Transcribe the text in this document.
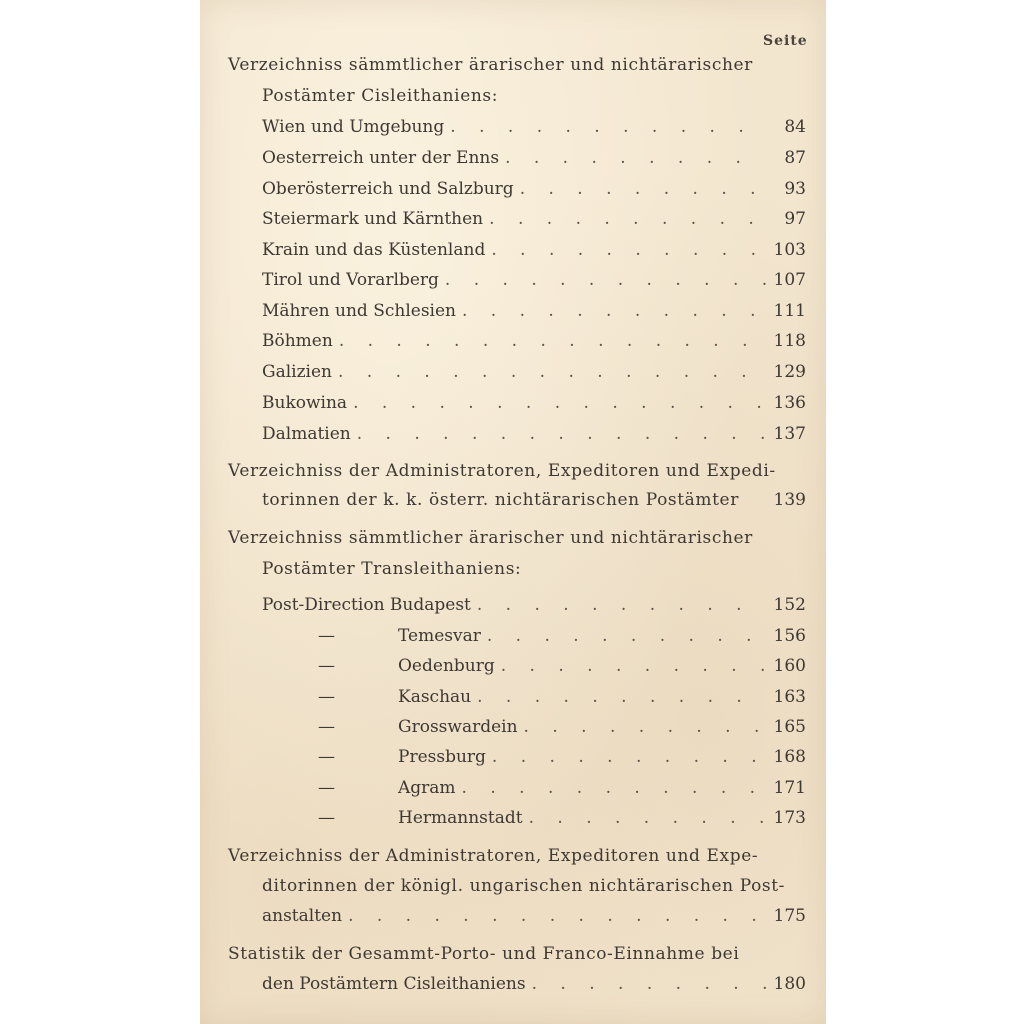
Seite
Verzeichniss sämmtlicher ärarischer und nichtärarischer
Postämter Cisleithaniens:
Wien und Umgebung . . .	84
Oesterreich unter der Enns . . .	87
Oberösterreich und Salzburg . . .	93
Steiermark und Kärnthen . . .	97
Krain und das Küstenland . . .	103
Tirol und Vorarlberg . . .	107
Mähren und Schlesien . . .	111
Böhmen . . .	118
Galizien . . .	129
Bukowina . . .	136
Dalmatien . . .	137
Verzeichniss der Administratoren, Expeditoren und Expedi-
torinnen der k. k. österr. nichtärarischen Postämter 139
Verzeichniss sämmtlicher ärarischer und nichtärarischer
Postämter Transleithaniens:
Post-Direction Budapest . . .	152
—	Temesvar . . .	156
—	Oedenburg . . .	160
—	Kaschau . . .	163
—	Grosswardein . . .	165
—	Pressburg . . .	168
—	Agram . . .	171
—	Hermannstadt . . .	173
Verzeichniss der Administratoren, Expeditoren und Expe-
ditorinnen der königl. ungarischen nichtärarischen Post-
anstalten . . .	175
Statistik der Gesammt-Porto- und Franco-Einnahme bei
den Postämtern Cisleithaniens . . .	180
